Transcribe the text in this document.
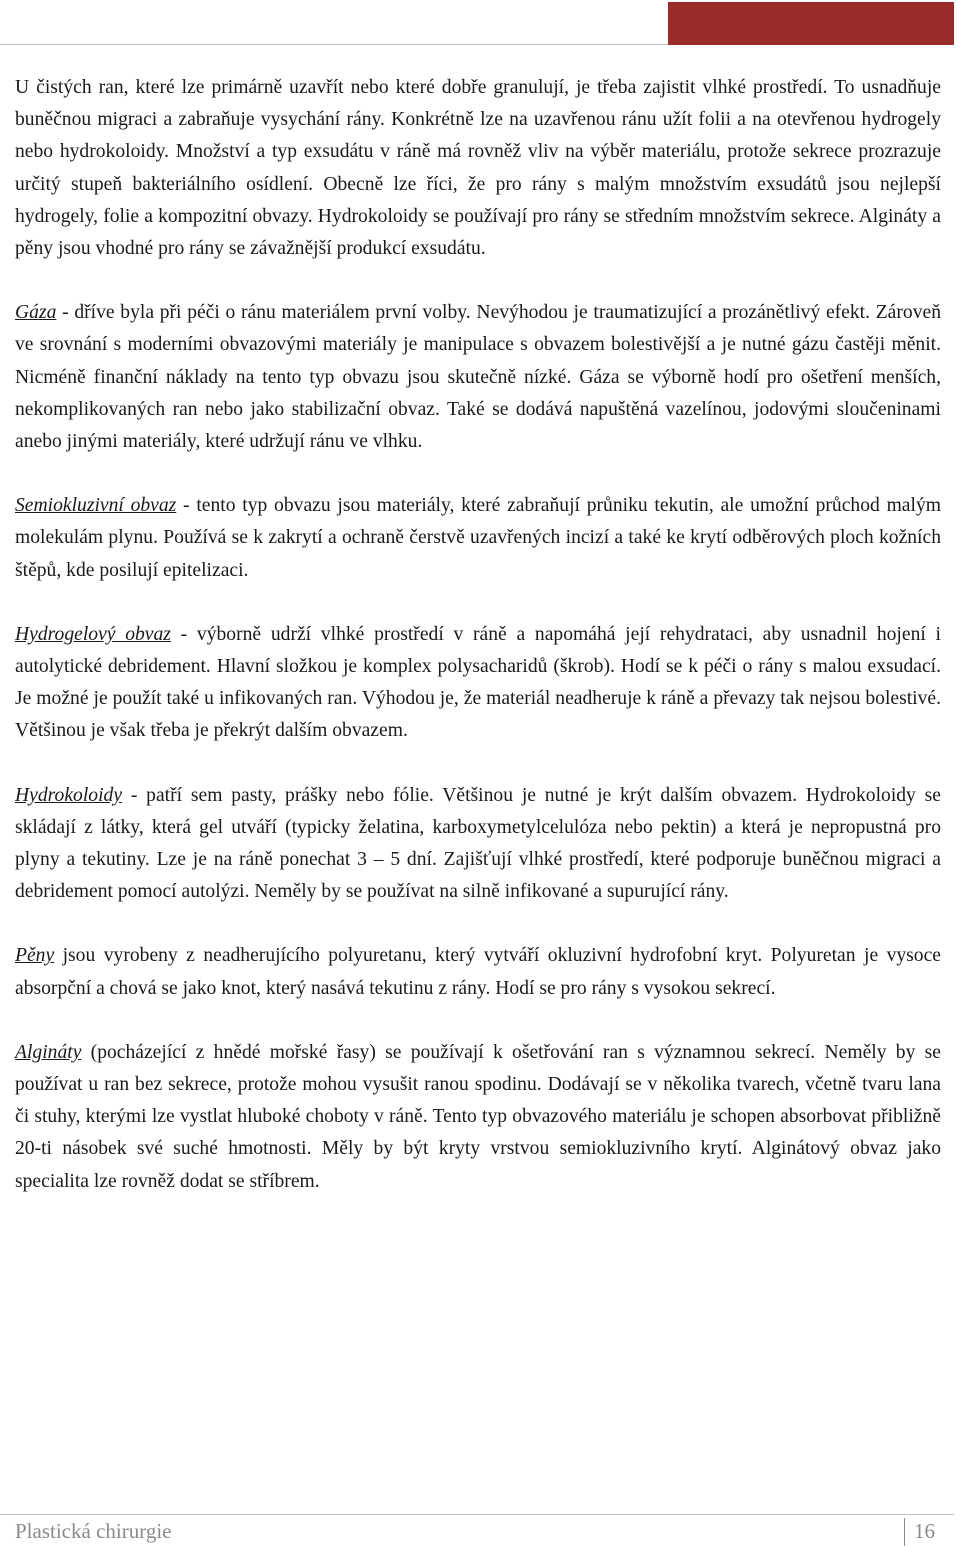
U čistých ran, které lze primárně uzavřít nebo které dobře granulují, je třeba zajistit vlhké prostředí. To usnadňuje buněčnou migraci a zabraňuje vysychání rány. Konkrétně lze na uzavřenou ránu užít folii a na otevřenou hydrogely nebo hydrokoloidy. Množství a typ exsudátu v ráně má rovněž vliv na výběr materiálu, protože sekrece prozrazuje určitý stupeň bakteriálního osídlení. Obecně lze říci, že pro rány s malým množstvím exsudátů jsou nejlepší hydrogely, folie a kompozitní obvazy. Hydrokoloidy se používají pro rány se středním množstvím sekrece. Algináty a pěny jsou vhodné pro rány se závažnější produkcí exsudátu.

Gáza - dříve byla při péči o ránu materiálem první volby. Nevýhodou je traumatizující a prozánětlivý efekt. Zároveň ve srovnání s moderními obvazovými materiály je manipulace s obvazem bolestivější a je nutné gázu častěji měnit. Nicméně finanční náklady na tento typ obvazu jsou skutečně nízké. Gáza se výborně hodí pro ošetření menších, nekomplikovaných ran nebo jako stabilizační obvaz. Také se dodává napuštěná vazelínou, jodovými sloučeninami anebo jinými materiály, které udržují ránu ve vlhku.

Semiokluzivní obvaz - tento typ obvazu jsou materiály, které zabraňují průniku tekutin, ale umožní průchod malým molekulám plynu. Používá se k zakrytí a ochraně čerstvě uzavřených incizí a také ke krytí odběrových ploch kožních štěpů, kde posilují epitelizaci.

Hydrogelový obvaz - výborně udrží vlhké prostředí v ráně a napomáhá její rehydrataci, aby usnadnil hojení i autolytické debridement. Hlavní složkou je komplex polysacharidů (škrob). Hodí se k péči o rány s malou exsudací. Je možné je použít také u infikovaných ran. Výhodou je, že materiál neadheruje k ráně a převazy tak nejsou bolestivé. Většinou je však třeba je překrýt dalším obvazem.

Hydrokoloidy - patří sem pasty, prášky nebo fólie. Většinou je nutné je krýt dalším obvazem. Hydrokoloidy se skládají z látky, která gel utváří (typicky želatina, karboxymetylcelulóza nebo pektin) a která je nepropustná pro plyny a tekutiny. Lze je na ráně ponechat 3 – 5 dní. Zajišťují vlhké prostředí, které podporuje buněčnou migraci a debridement pomocí autolýzi. Neměly by se používat na silně infikované a supurující rány.

Pěny jsou vyrobeny z neadherujícího polyuretanu, který vytváří okluzivní hydrofobní kryt. Polyuretan je vysoce absorpční a chová se jako knot, který nasává tekutinu z rány. Hodí se pro rány s vysokou sekrecí.

Algináty (pocházející z hnědé mořské řasy) se používají k ošetřování ran s významnou sekrecí. Neměly by se používat u ran bez sekrece, protože mohou vysušit ranou spodinu. Dodávají se v několika tvarech, včetně tvaru lana či stuhy, kterými lze vystlat hluboké choboty v ráně. Tento typ obvazového materiálu je schopen absorbovat přibližně 20-ti násobek své suché hmotnosti. Měly by být kryty vrstvou semiokluzivního krytí. Alginátový obvaz jako specialita lze rovněž dodat se stříbrem.

Plastická chirurgie	16
